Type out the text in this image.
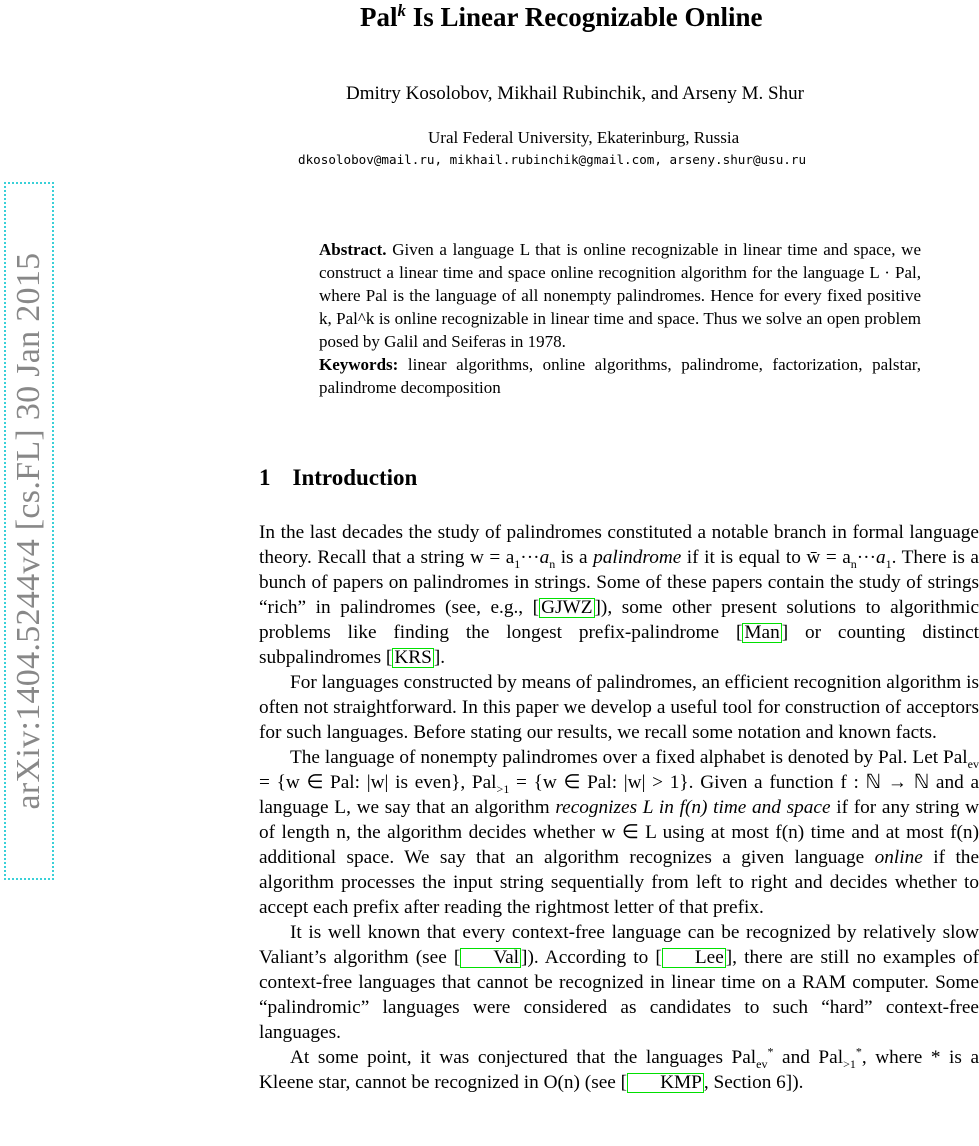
arXiv:1404.5244v4 [cs.FL] 30 Jan 2015
Pal$^k$ Is Linear Recognizable Online
Dmitry Kosolobov, Mikhail Rubinchik, and Arseny M. Shur
Ural Federal University, Ekaterinburg, Russia
dkosolobov@mail.ru, mikhail.rubinchik@gmail.com, arseny.shur@usu.ru

Abstract. Given a language L that is online recognizable in linear time and space, we construct a linear time and space online recognition algorithm for the language L · Pal, where Pal is the language of all nonempty palindromes. Hence for every fixed positive k, Pal^k is online recognizable in linear time and space. Thus we solve an open problem posed by Galil and Seiferas in 1978.

Keywords: linear algorithms, online algorithms, palindrome, factorization, palstar, palindrome decomposition

1 Introduction

In the last decades the study of palindromes constituted a notable branch in formal language theory. Recall that a string $w = a_1\cdot\cdot\cdot a_n$ is a palindrome if it is equal to w̄ = $a_n\cdot\cdot\cdot a_1$. There is a bunch of papers on palindromes in strings. Some of these papers contain the study of strings “rich” in palindromes (see, e.g., [ GJWZ ]), some other present solutions to algorithmic problems like finding the longest prefix-palindrome [ Man ] or counting distinct subpalindromes [ KRS ].

For languages constructed by means of palindromes, an efficient recognition algorithm is often not straightforward. In this paper we develop a useful tool for construction of acceptors for such languages. Before stating our results, we recall some notation and known facts.

The language of nonempty palindromes over a fixed alphabet is denoted by Pal. Let Pal$_{ev}$ = {w ∈ Pal: |w| is even}, Pal$_{>1}$ = {w ∈ Pal: |w| > 1}. Given a function f : ℕ → ℕ and a language L, we say that an algorithm recognizes L in f(n) time and space if for any string w of length n, the algorithm decides whether w ∈ L using at most f(n) time and at most f(n) additional space. We say that an algorithm recognizes a given language online if the algorithm processes the input string sequentially from left to right and decides whether to accept each prefix after reading the rightmost letter of that prefix.

It is well known that every context-free language can be recognized by relatively slow Valiant’s algorithm (see [ Val ]). According to [ Lee ], there are still no examples of context-free languages that cannot be recognized in linear time on a RAM computer. Some “palindromic” languages were considered as candidates to such “hard” context-free languages.

At some point, it was conjectured that the languages Pal$_{ev}$* and Pal$_{>1}$*, where * is a Kleene star, cannot be recognized in O(n) (see [ KMP , Section 6]).
